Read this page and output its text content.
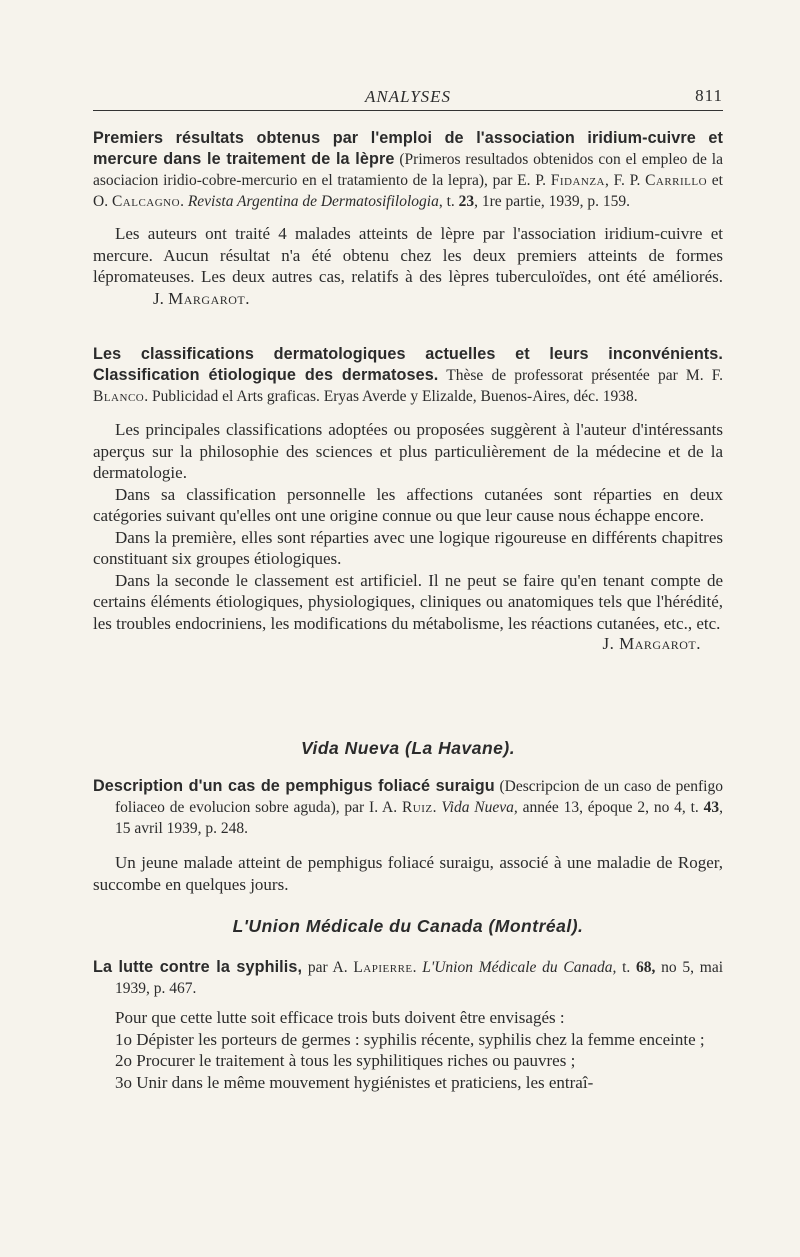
ANALYSES	811

Premiers résultats obtenus par l'emploi de l'association iridium-cuivre et mercure dans le traitement de la lèpre (Primeros resultados obtenidos con el empleo de la asociacion iridio-cobre-mercurio en el tratamiento de la lepra), par E. P. Fidanza, F. P. Carrillo et O. Calcagno. Revista Argentina de Dermatosifilologia, t. 23, 1re partie, 1939, p. 159.

Les auteurs ont traité 4 malades atteints de lèpre par l'association iridium-cuivre et mercure. Aucun résultat n'a été obtenu chez les deux premiers atteints de formes lépromateuses. Les deux autres cas, relatifs à des lèpres tuberculoïdes, ont été améliorés. J. Margarot.

Les classifications dermatologiques actuelles et leurs inconvénients. Classification étiologique des dermatoses. Thèse de professorat présentée par M. F. Blanco. Publicidad el Arts graficas. Eryas Averde y Elizalde, Buenos-Aires, déc. 1938.

Les principales classifications adoptées ou proposées suggèrent à l'auteur d'intéressants aperçus sur la philosophie des sciences et plus particulièrement de la médecine et de la dermatologie.

Dans sa classification personnelle les affections cutanées sont réparties en deux catégories suivant qu'elles ont une origine connue ou que leur cause nous échappe encore.

Dans la première, elles sont réparties avec une logique rigoureuse en différents chapitres constituant six groupes étiologiques.

Dans la seconde le classement est artificiel. Il ne peut se faire qu'en tenant compte de certains éléments étiologiques, physiologiques, cliniques ou anatomiques tels que l'hérédité, les troubles endocriniens, les modifications du métabolisme, les réactions cutanées, etc., etc.

J. Margarot.
Vida Nueva (La Havane).

Description d'un cas de pemphigus foliacé suraigu (Descripcion de un caso de penfigo foliaceo de evolucion sobre aguda), par I. A. Ruiz. Vida Nueva, année 13, époque 2, no 4, t. 43, 15 avril 1939, p. 248.

Un jeune malade atteint de pemphigus foliacé suraigu, associé à une maladie de Roger, succombe en quelques jours.

L'Union Médicale du Canada (Montréal).

La lutte contre la syphilis, par A. Lapierre. L'Union Médicale du Canada, t. 68, no 5, mai 1939, p. 467.

Pour que cette lutte soit efficace trois buts doivent être envisagés :

1o Dépister les porteurs de germes : syphilis récente, syphilis chez la femme enceinte ;

2o Procurer le traitement à tous les syphilitiques riches ou pauvres ;

3o Unir dans le même mouvement hygiénistes et praticiens, les entraî-
